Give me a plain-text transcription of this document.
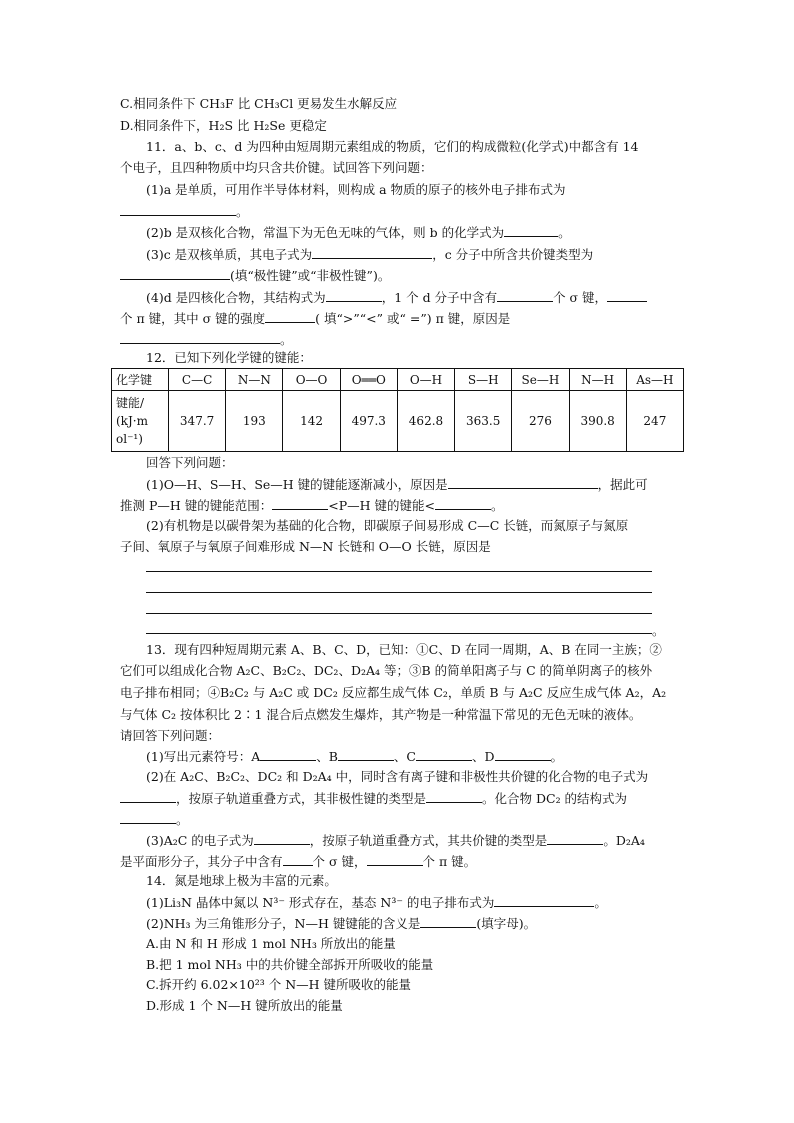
C.相同条件下 CH₃F 比 CH₃Cl 更易发生水解反应
D.相同条件下，H₂S 比 H₂Se 更稳定
11．a、b、c、d 为四种由短周期元素组成的物质，它们的构成微粒(化学式)中都含有 14
个电子，且四种物质中均只含共价键。试回答下列问题：
(1)a 是单质，可用作半导体材料，则构成 a 物质的原子的核外电子排布式为
。
(2)b 是双核化合物，常温下为无色无味的气体，则 b 的化学式为	。
(3)c 是双核单质，其电子式为	，c 分子中所含共价键类型为
(填“极性键”或“非极性键”)。
(4)d 是四核化合物，其结构式为	，1 个 d 分子中含有	个 σ 键，
个 π 键，其中 σ 键的强度	( 填“>”“<” 或“ =”) π 键，原因是
。
12．已知下列化学键的键能：
化学键	C—C	N—N	O—O	O══O	O—H	S—H	Se—H	N—H	As—H

键能/
(kJ·m
ol⁻¹)	347.7	193	142	497.3	462.8	363.5	276	390.8	247
回答下列问题：
(1)O—H、S—H、Se—H 键的键能逐渐减小，原因是	，据此可
推测 P—H 键的键能范围：	<P—H 键的键能<	。
(2)有机物是以碳骨架为基础的化合物，即碳原子间易形成 C—C 长链，而氮原子与氮原
子间、氧原子与氧原子间难形成 N—N 长链和 O—O 长链，原因是
。
13．现有四种短周期元素 A、B、C、D，已知：①C、D 在同一周期，A、B 在同一主族；②
它们可以组成化合物 A₂C、B₂C₂、DC₂、D₂A₄ 等；③B 的简单阳离子与 C 的简单阴离子的核外
电子排布相同；④B₂C₂ 与 A₂C 或 DC₂ 反应都生成气体 C₂，单质 B 与 A₂C 反应生成气体 A₂，A₂
与气体 C₂ 按体积比 2∶1 混合后点燃发生爆炸，其产物是一种常温下常见的无色无味的液体。
请回答下列问题：
(1)写出元素符号：A	、B	、C	、D	。
(2)在 A₂C、B₂C₂、DC₂ 和 D₂A₄ 中，同时含有离子键和非极性共价键的化合物的电子式为
，按原子轨道重叠方式，其非极性键的类型是	。化合物 DC₂ 的结构式为
。
(3)A₂C 的电子式为	，按原子轨道重叠方式，其共价键的类型是	。D₂A₄
是平面形分子，其分子中含有 个 σ 键，	个 π 键。
14．氮是地球上极为丰富的元素。
(1)Li₃N 晶体中氮以 N³⁻ 形式存在，基态 N³⁻ 的电子排布式为	。
(2)NH₃ 为三角锥形分子，N—H 键键能的含义是	(填字母)。
A.由 N 和 H 形成 1 mol NH₃ 所放出的能量
B.把 1 mol NH₃ 中的共价键全部拆开所吸收的能量
C.拆开约 6.02×10²³ 个 N—H 键所吸收的能量
D.形成 1 个 N—H 键所放出的能量
